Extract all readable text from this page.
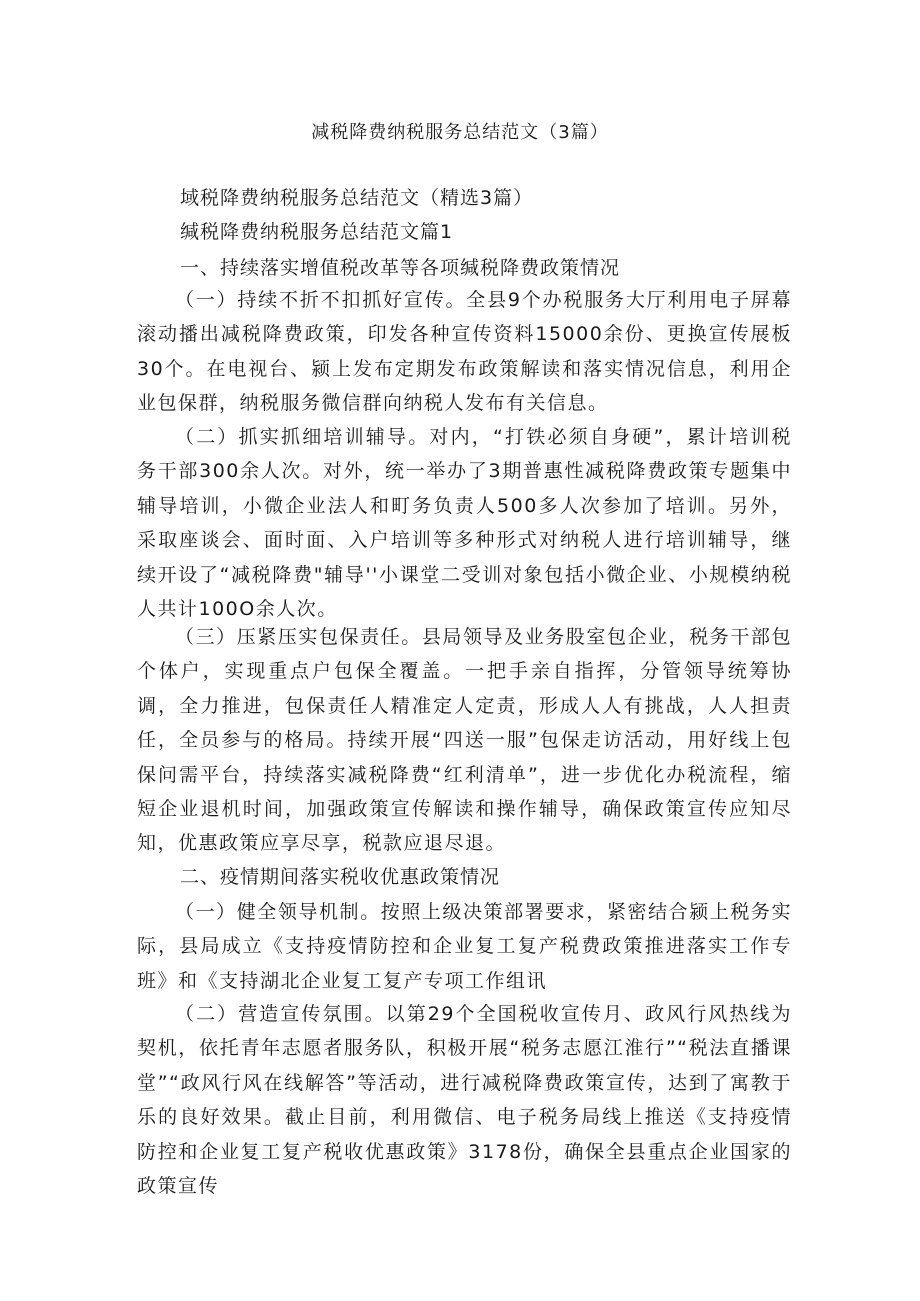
减税降费纳税服务总结范文（3篇）
域税降费纳税服务总结范文（精选3篇）
缄税降费纳税服务总结范文篇1
一、持续落实增值税改革等各项缄税降费政策情况
（一）持续不折不扣抓好宣传。全县9个办税服务大厅利用电子屏幕滚动播出减税降费政策，印发各种宣传资料15000余份、更换宣传展板30个。在电视台、颍上发布定期发布政策解读和落实情况信息，利用企业包保群，纳税服务微信群向纳税人发布有关信息。
（二）抓实抓细培训辅导。对内，“打铁必须自身硬”，累计培训税务干部300余人次。对外，统一举办了3期普惠性减税降费政策专题集中辅导培训，小微企业法人和町务负责人500多人次参加了培训。另外，采取座谈会、面时面、入户培训等多种形式对纳税人进行培训辅导，继续开设了“减税降费"辅导''小课堂二受训对象包括小微企业、小规模纳税人共计100O余人次。
（三）压紧压实包保责任。县局领导及业务股室包企业，税务干部包个体户，实现重点户包保全覆盖。一把手亲自指挥，分管领导统筹协调，全力推进，包保责任人精准定人定责，形成人人有挑战，人人担责任，全员参与的格局。持续开展“四送一服”包保走访活动，用好线上包保问需平台，持续落实减税降费“红利清单”，进一步优化办税流程，缩短企业退机时间，加强政策宣传解读和操作辅导，确保政策宣传应知尽知，优惠政策应享尽享，税款应退尽退。
二、疫情期间落实税收优惠政策情况
（一）健全领导机制。按照上级决策部署要求，紧密结合颍上税务实际，县局成立《支持疫情防控和企业复工复产税费政策推进落实工作专班》和《支持湖北企业复工复产专项工作组讯
（二）营造宣传氛围。以第29个全国税收宣传月、政风行风热线为契机，依托青年志愿者服务队，积极开展“税务志愿江淮行”“税法直播课堂”“政风行风在线解答”等活动，进行减税降费政策宣传，达到了寓教于乐的良好效果。截止目前，利用微信、电子税务局线上推送《支持疫情防控和企业复工复产税收优惠政策》3178份，确保全县重点企业国家的政策宣传
